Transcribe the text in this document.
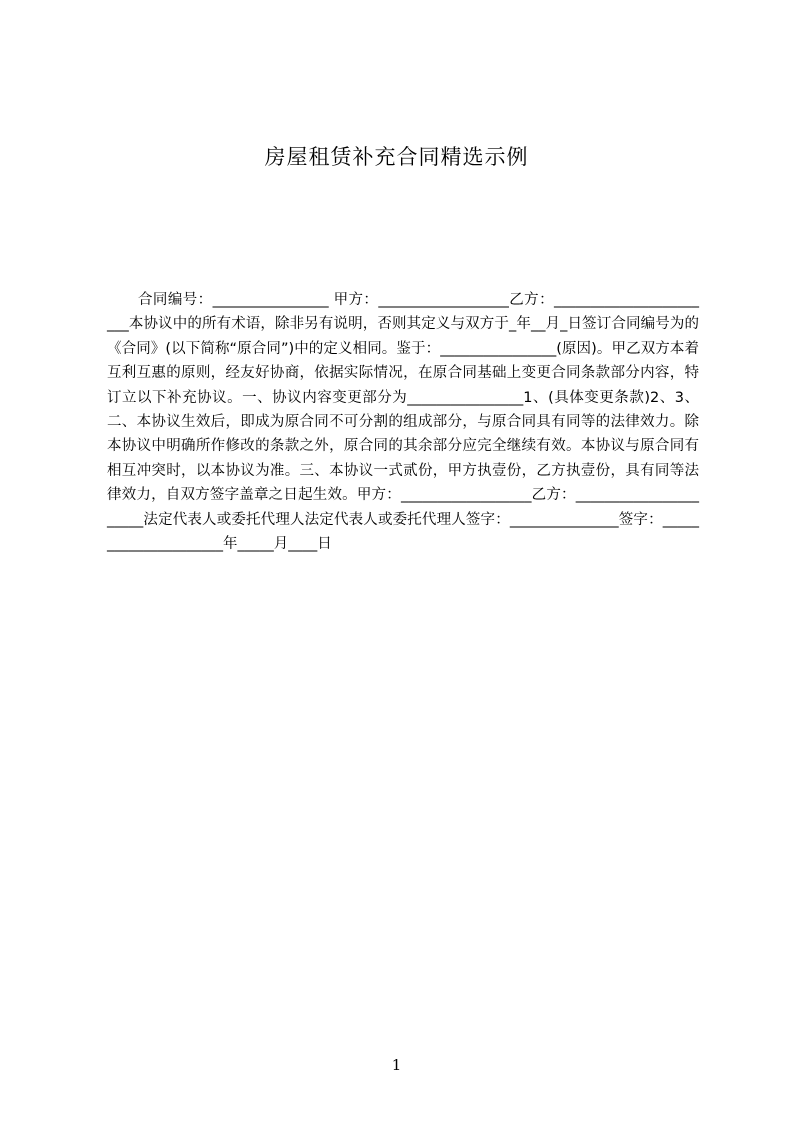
房屋租赁补充合同精选示例

合同编号：________________ 甲方：__________________乙方：_______________________本协议中的所有术语，除非另有说明，否则其定义与双方于_年__月_日签订合同编号为的《合同》(以下简称“原合同”)中的定义相同。鉴于：________________(原因)。甲乙双方本着互利互惠的原则，经友好协商，依据实际情况，在原合同基础上变更合同条款部分内容，特订立以下补充协议。一、协议内容变更部分为________________1、(具体变更条款)2、3、二、本协议生效后，即成为原合同不可分割的组成部分，与原合同具有同等的法律效力。除本协议中明确所作修改的条款之外，原合同的其余部分应完全继续有效。本协议与原合同有相互冲突时，以本协议为准。三、本协议一式贰份，甲方执壹份，乙方执壹份，具有同等法律效力，自双方签字盖章之日起生效。甲方：__________________乙方：______________________法定代表人或委托代理人法定代表人或委托代理人签字：_______________签字：_____________________年_____月____日

1
